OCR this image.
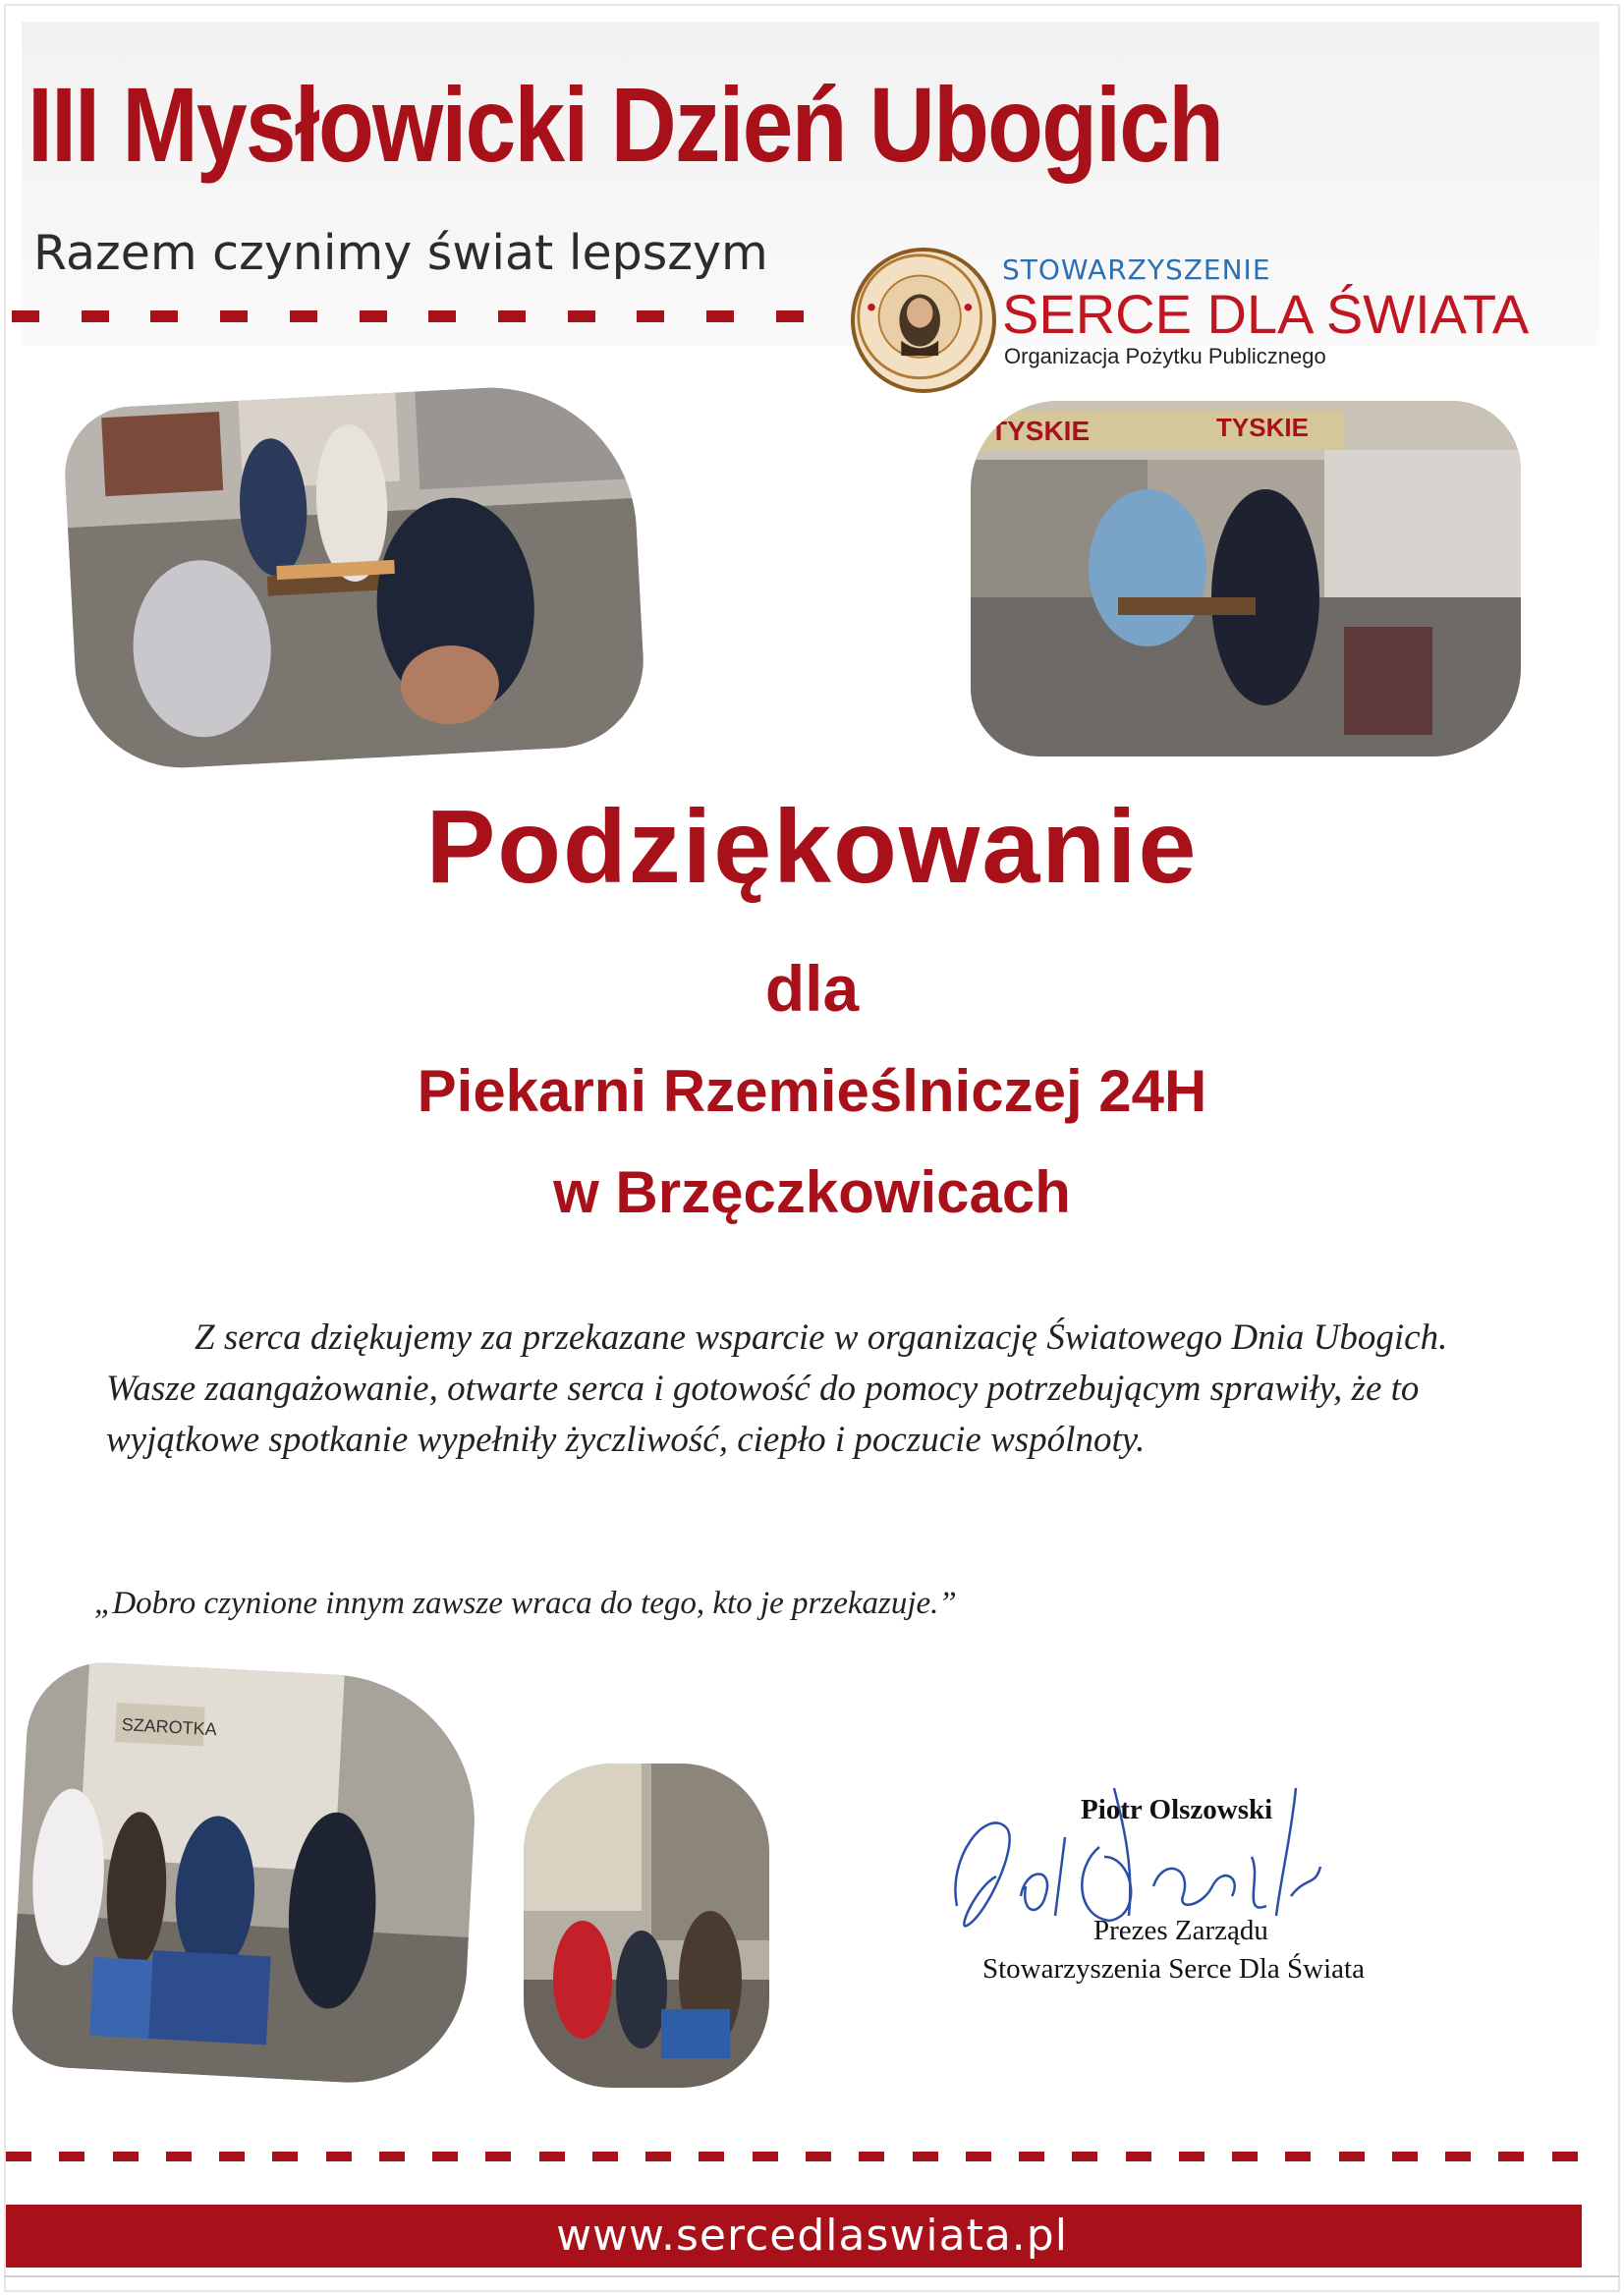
III Mysłowicki Dzień Ubogich
Razem czynimy świat lepszym	STOWARZYSZENIE
SERCE DLA ŚWIATA
Organizacja Pożytku Publicznego
TYSKIE	TYSKIE
Podziękowanie
dla
Piekarni Rzemieślniczej 24H
w Brzęczkowicach
Z serca dziękujemy za przekazane wsparcie w organizację Światowego Dnia Ubogich. Wasze zaangażowanie, otwarte serca i gotowość do pomocy potrzebującym sprawiły, że to wyjątkowe spotkanie wypełniły życzliwość, ciepło i poczucie wspólnoty.
„Dobro czynione innym zawsze wraca do tego, kto je przekazuje.”
SZAROTKA
Piotr Olszowski
Prezes Zarządu
Stowarzyszenia Serce Dla Świata
www.sercedlaswiata.pl
